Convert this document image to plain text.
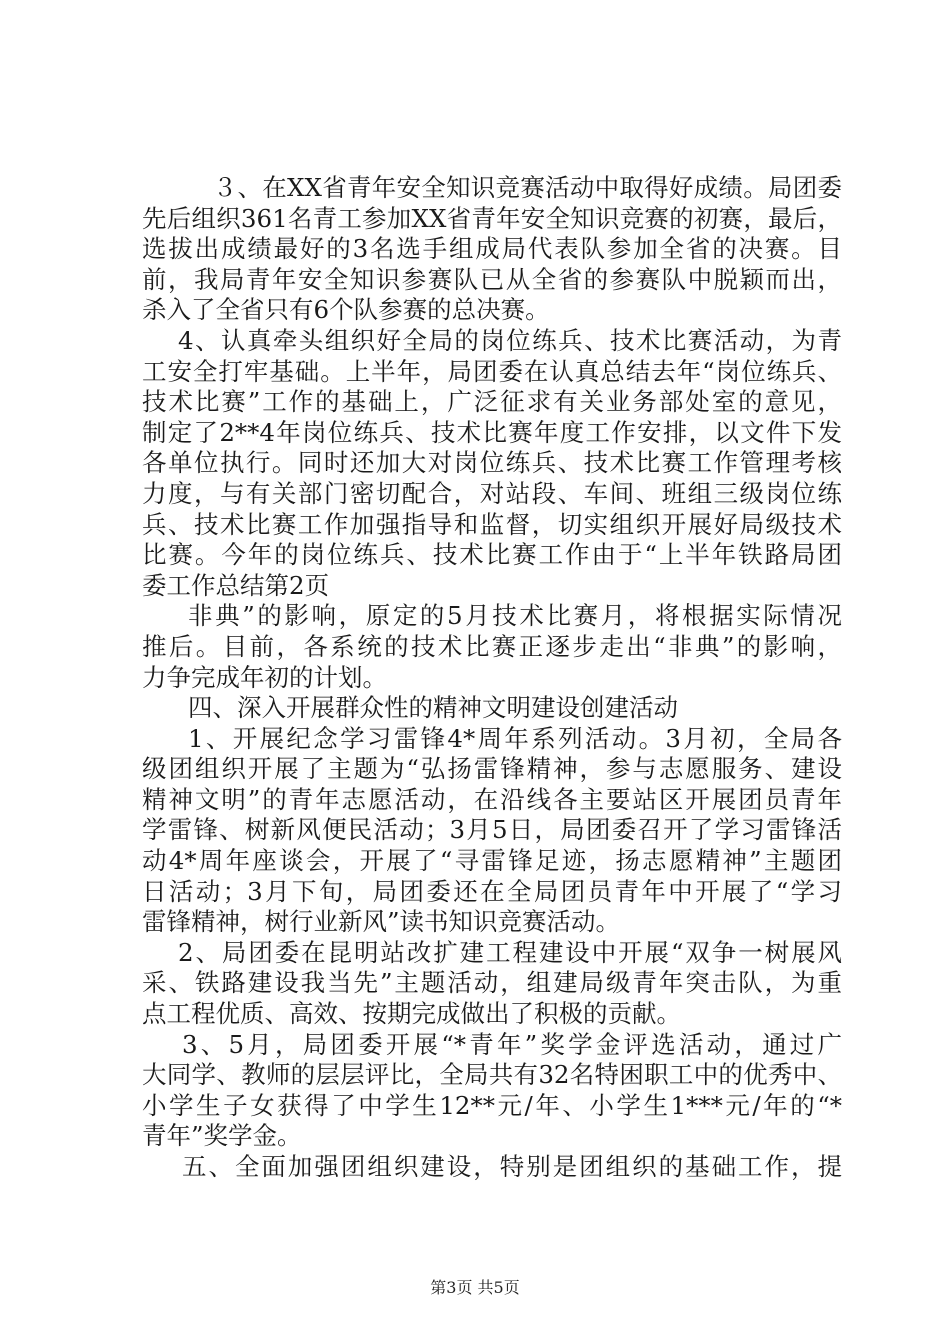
　３、在XX省青年安全知识竞赛活动中取得好成绩。局团委
先后组织361名青工参加XX省青年安全知识竞赛的初赛，最后，
选拔出成绩最好的3名选手组成局代表队参加全省的决赛。目
前，我局青年安全知识参赛队已从全省的参赛队中脱颖而出，
杀入了全省只有6个队参赛的总决赛。
4、认真牵头组织好全局的岗位练兵、技术比赛活动，为青
工安全打牢基础。上半年，局团委在认真总结去年“岗位练兵、
技术比赛”工作的基础上，广泛征求有关业务部处室的意见，
制定了2**4年岗位练兵、技术比赛年度工作安排，以文件下发
各单位执行。同时还加大对岗位练兵、技术比赛工作管理考核
力度，与有关部门密切配合，对站段、车间、班组三级岗位练
兵、技术比赛工作加强指导和监督，切实组织开展好局级技术
比赛。今年的岗位练兵、技术比赛工作由于“上半年铁路局团
委工作总结第2页
非典”的影响，原定的5月技术比赛月，将根据实际情况
推后。目前，各系统的技术比赛正逐步走出“非典”的影响，
力争完成年初的计划。
四、深入开展群众性的精神文明建设创建活动
1、开展纪念学习雷锋4*周年系列活动。3月初，全局各
级团组织开展了主题为“弘扬雷锋精神，参与志愿服务、建设
精神文明”的青年志愿活动，在沿线各主要站区开展团员青年
学雷锋、树新风便民活动；3月5日，局团委召开了学习雷锋活
动4*周年座谈会，开展了“寻雷锋足迹，扬志愿精神”主题团
日活动；3月下旬，局团委还在全局团员青年中开展了“学习
雷锋精神，树行业新风”读书知识竞赛活动。
2、局团委在昆明站改扩建工程建设中开展“双争一树展风
采、铁路建设我当先”主题活动，组建局级青年突击队，为重
点工程优质、高效、按期完成做出了积极的贡献。
3、5月，局团委开展“*青年”奖学金评选活动，通过广
大同学、教师的层层评比，全局共有32名特困职工中的优秀中、
小学生子女获得了中学生12**元/年、小学生1***元/年的“*
青年”奖学金。
五、全面加强团组织建设，特别是团组织的基础工作，提
第3页 共5页
